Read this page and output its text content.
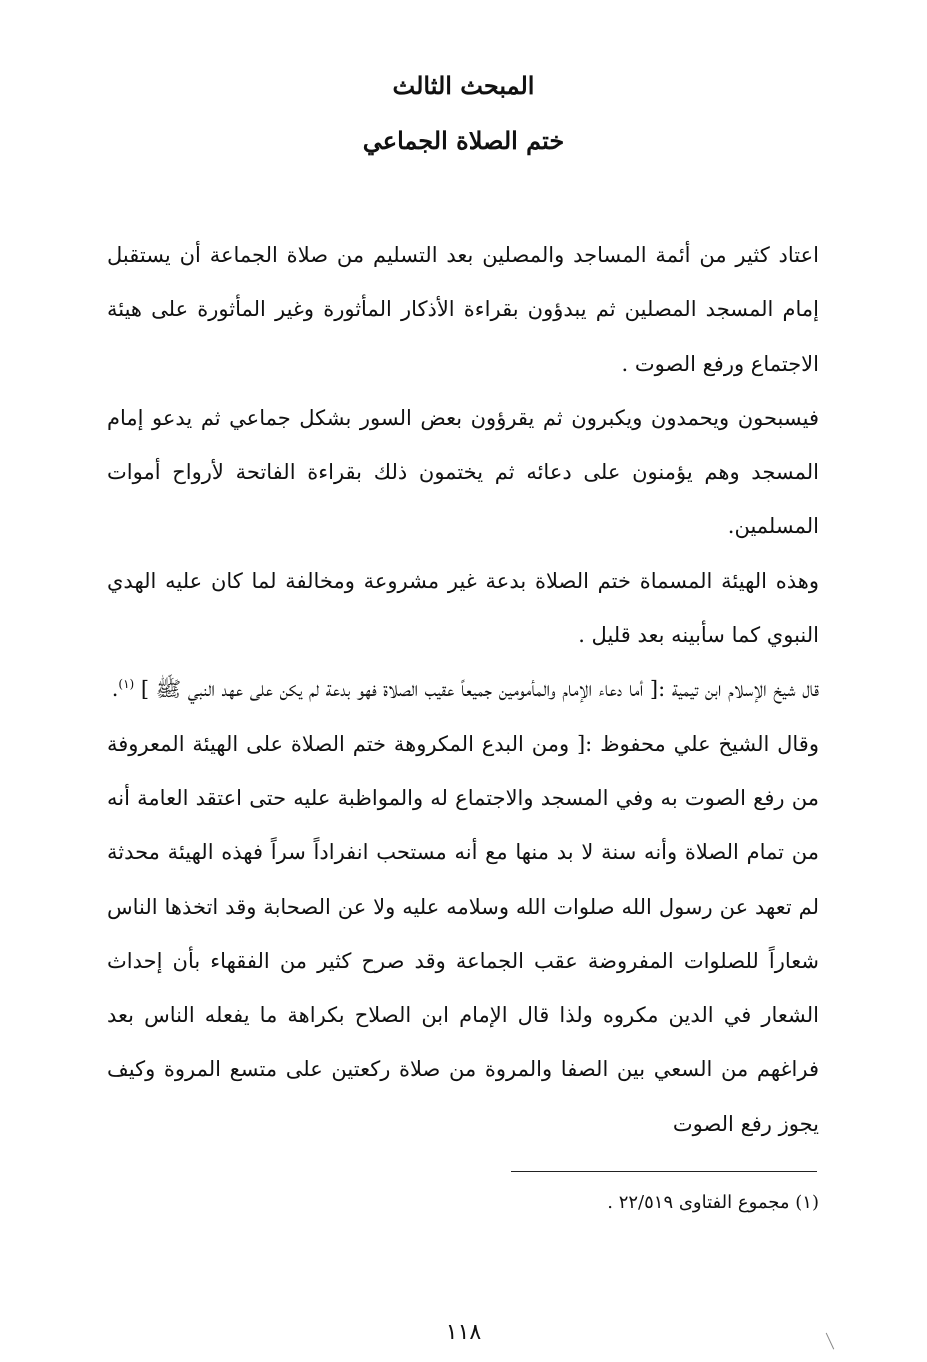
المبحث الثالث
ختم الصلاة الجماعي

اعتاد كثير من أئمة المساجد والمصلين بعد التسليم من صلاة الجماعة أن يستقبل إمام المسجد المصلين ثم يبدؤون بقراءة الأذكار المأثورة وغير المأثورة على هيئة الاجتماع ورفع الصوت .

فيسبحون ويحمدون ويكبرون ثم يقرؤون بعض السور بشكل جماعي ثم يدعو إمام المسجد وهم يؤمنون على دعائه ثم يختمون ذلك بقراءة الفاتحة لأرواح أموات المسلمين.

وهذه الهيئة المسماة ختم الصلاة بدعة غير مشروعة ومخالفة لما كان عليه الهدي النبوي كما سأبينه بعد قليل .

قال شيخ الإسلام ابن تيمية :[ أما دعاء الإمام والمأمومين جميعاً عقيب الصلاة فهو بدعة لم يكن على عهد النبي ﷺ ] $^{(١)}$.

وقال الشيخ علي محفوظ :[ ومن البدع المكروهة ختم الصلاة على الهيئة المعروفة من رفع الصوت به وفي المسجد والاجتماع له والمواظبة عليه حتى اعتقد العامة أنه من تمام الصلاة وأنه سنة لا بد منها مع أنه مستحب انفراداً سراً فهذه الهيئة محدثة لم تعهد عن رسول الله صلوات الله وسلامه عليه ولا عن الصحابة وقد اتخذها الناس شعاراً للصلوات المفروضة عقب الجماعة وقد صرح كثير من الفقهاء بأن إحداث الشعار في الدين مكروه ولذا قال الإمام ابن الصلاح بكراهة ما يفعله الناس بعد فراغهم من السعي بين الصفا والمروة من صلاة ركعتين على متسع المروة وكيف يجوز رفع الصوت

(١) مجموع الفتاوى ٢٢/٥١٩ .
١١٨
